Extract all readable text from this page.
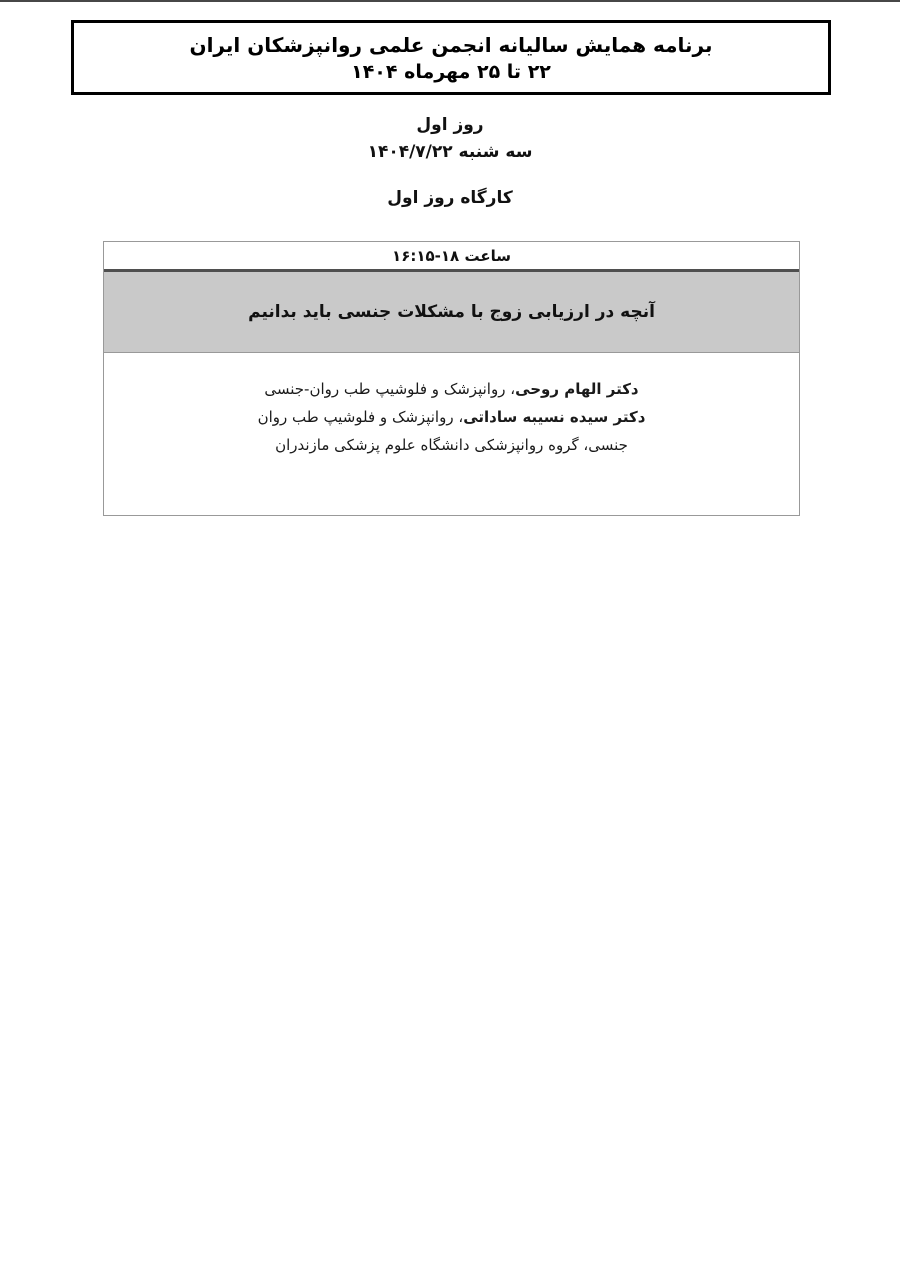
برنامه همایش سالیانه انجمن علمی روانپزشکان ایران
۲۲ تا ۲۵ مهرماه ۱۴۰۴
روز اول
سه شنبه ۱۴۰۴/۷/۲۲
کارگاه روز اول
ساعت ۱۸-۱۶:۱۵
آنچه در ارزیابی زوج با مشکلات جنسی باید بدانیم
دکتر الهام روحی، روانپزشک و فلوشیپ طب روان-جنسی
دکتر سیده نسیبه ساداتی، روانپزشک و فلوشیپ طب روان
جنسی، گروه روانپزشکی دانشگاه علوم پزشکی مازندران
